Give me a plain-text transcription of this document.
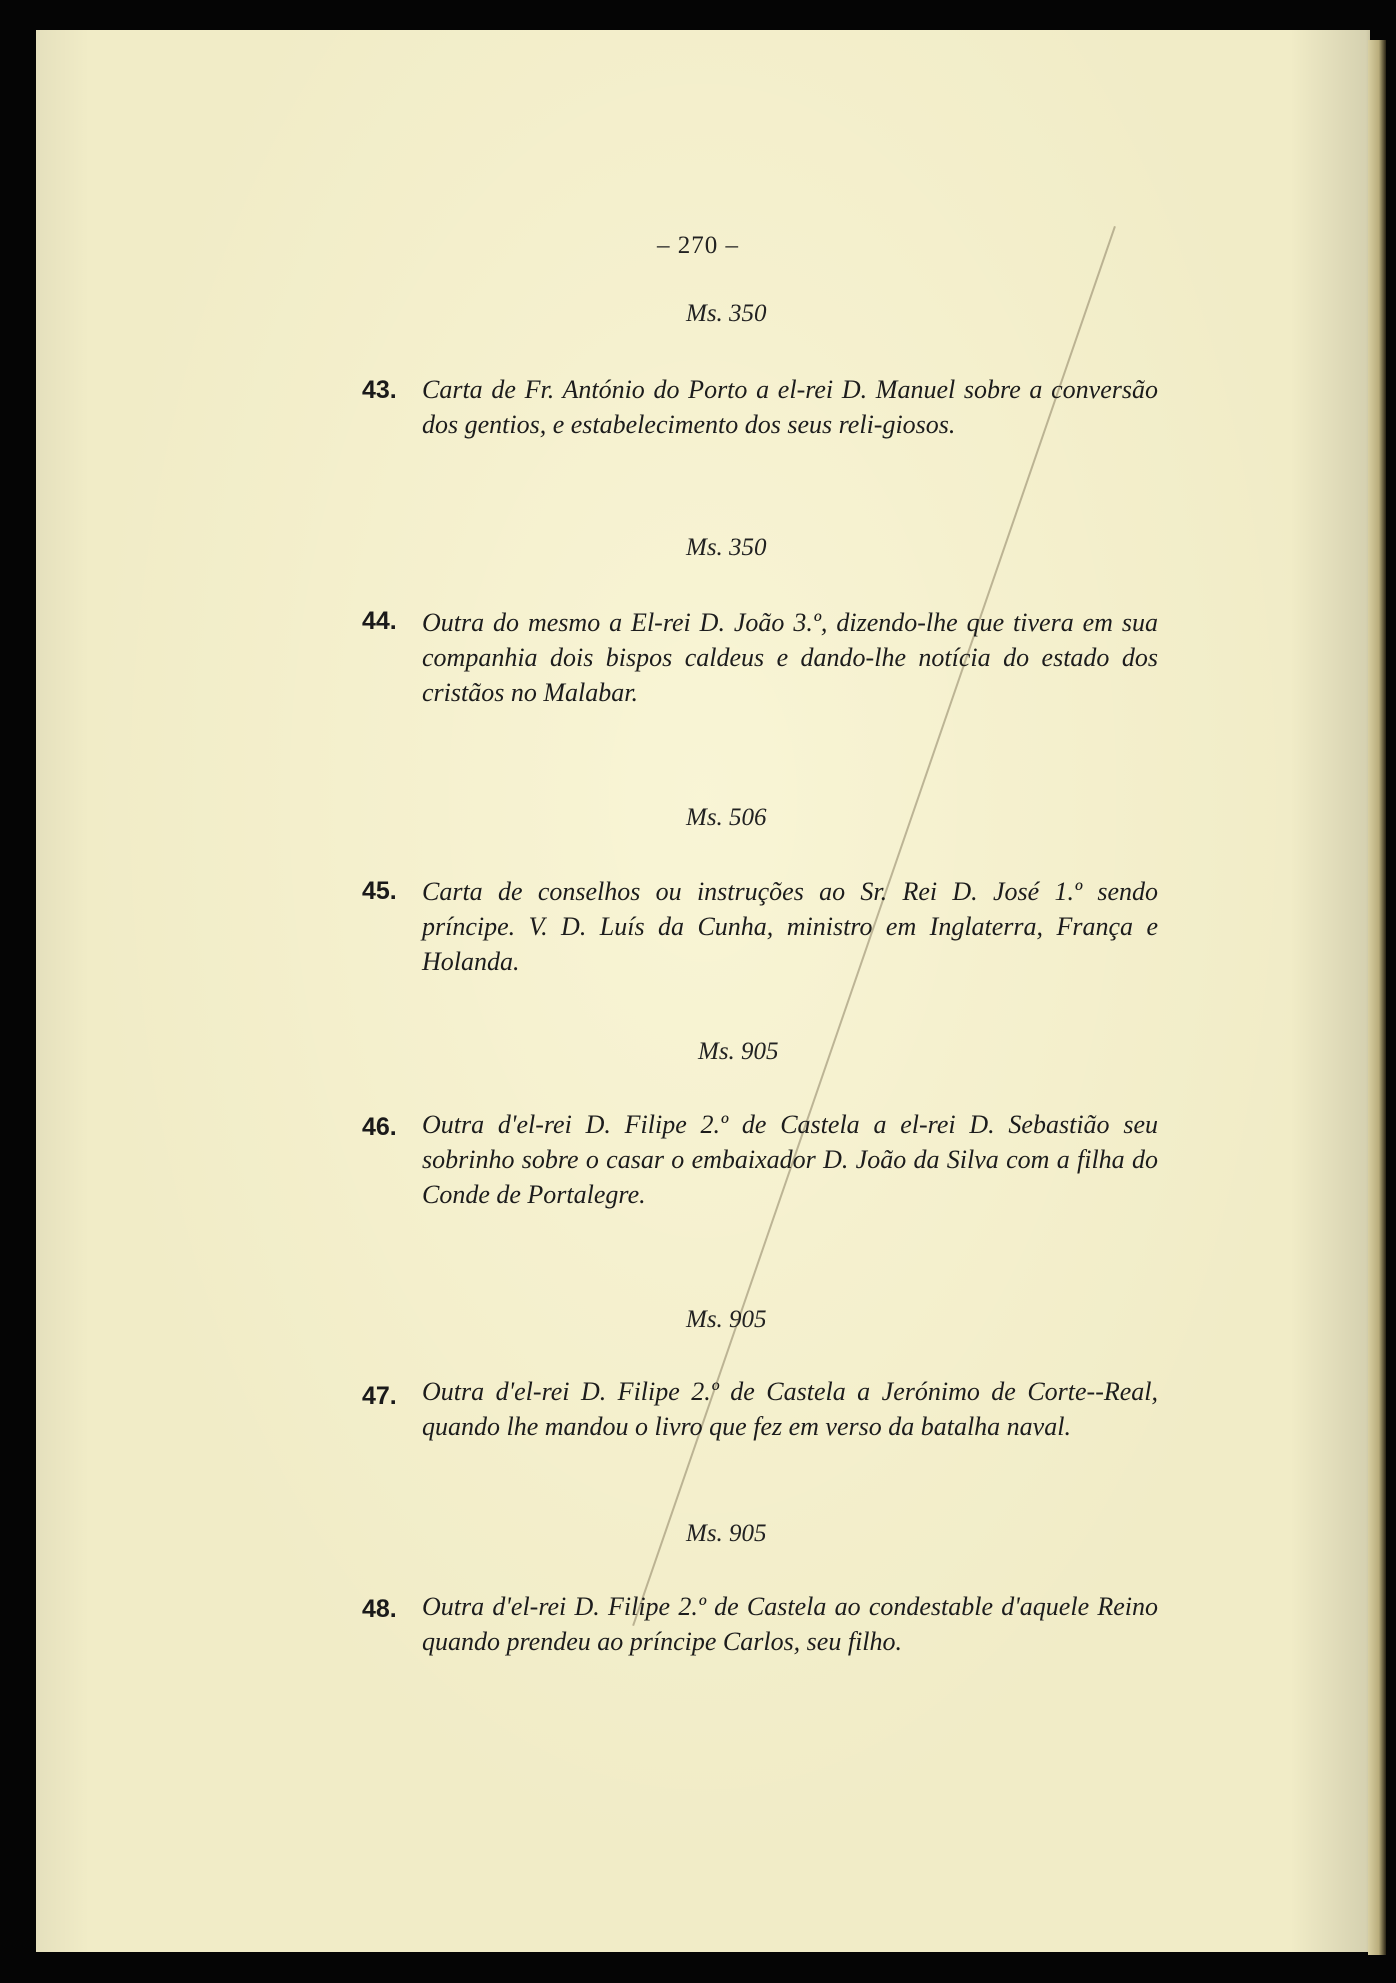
– 270 –
Ms. 350
43. Carta de Fr. António do Porto a el-rei D. Manuel sobre a conversão dos gentios, e estabelecimento dos seus reli-giosos.
Ms. 350
44. Outra do mesmo a El-rei D. João 3.º, dizendo-lhe que tivera em sua companhia dois bispos caldeus e dando-lhe notícia do estado dos cristãos no Malabar.
Ms. 506
45. Carta de conselhos ou instruções ao Sr. Rei D. José 1.º sendo príncipe. V. D. Luís da Cunha, ministro em Inglaterra, França e Holanda.
Ms. 905
46. Outra d'el-rei D. Filipe 2.º de Castela a el-rei D. Sebastião seu sobrinho sobre o casar o embaixador D. João da Silva com a filha do Conde de Portalegre.
Ms. 905
47. Outra d'el-rei D. Filipe 2.º de Castela a Jerónimo de Corte--Real, quando lhe mandou o livro que fez em verso da batalha naval.
Ms. 905
48. Outra d'el-rei D. Filipe 2.º de Castela ao condestable d'aquele Reino quando prendeu ao príncipe Carlos, seu filho.
